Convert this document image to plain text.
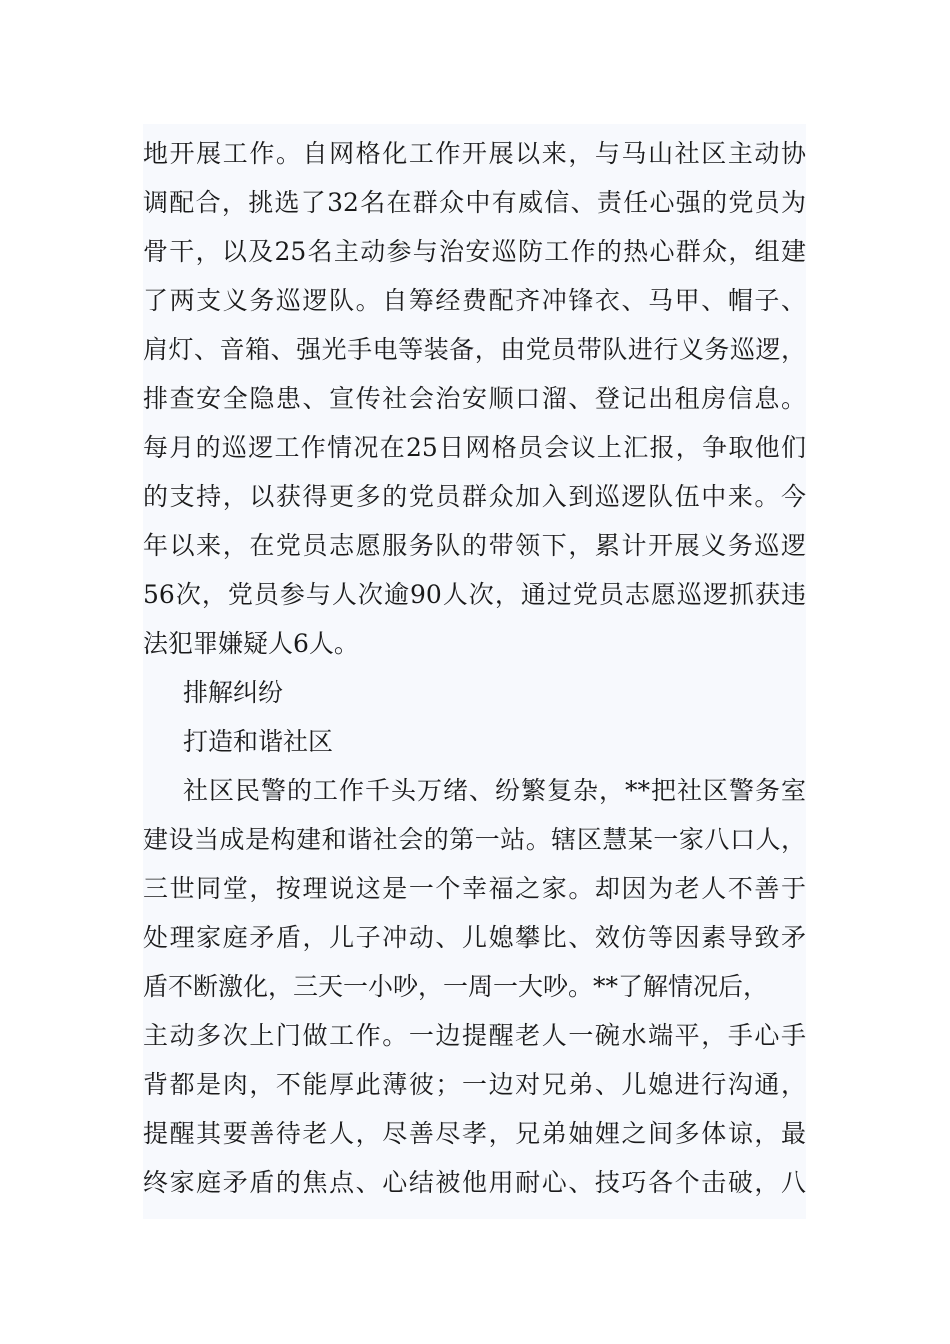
地开展工作。自网格化工作开展以来，与马山社区主动协
调配合，挑选了32名在群众中有威信、责任心强的党员为
骨干，以及25名主动参与治安巡防工作的热心群众，组建
了两支义务巡逻队。自筹经费配齐冲锋衣、马甲、帽子、
肩灯、音箱、强光手电等装备，由党员带队进行义务巡逻，
排查安全隐患、宣传社会治安顺口溜、登记出租房信息。
每月的巡逻工作情况在25日网格员会议上汇报，争取他们
的支持，以获得更多的党员群众加入到巡逻队伍中来。今
年以来，在党员志愿服务队的带领下，累计开展义务巡逻
56次，党员参与人次逾90人次，通过党员志愿巡逻抓获违
法犯罪嫌疑人6人。
排解纠纷
打造和谐社区
社区民警的工作千头万绪、纷繁复杂，**把社区警务室
建设当成是构建和谐社会的第一站。辖区慧某一家八口人，
三世同堂，按理说这是一个幸福之家。却因为老人不善于
处理家庭矛盾，儿子冲动、儿媳攀比、效仿等因素导致矛
盾不断激化，三天一小吵，一周一大吵。**了解情况后，
主动多次上门做工作。一边提醒老人一碗水端平，手心手
背都是肉，不能厚此薄彼；一边对兄弟、儿媳进行沟通，
提醒其要善待老人，尽善尽孝，兄弟妯娌之间多体谅，最
终家庭矛盾的焦点、心结被他用耐心、技巧各个击破，八
